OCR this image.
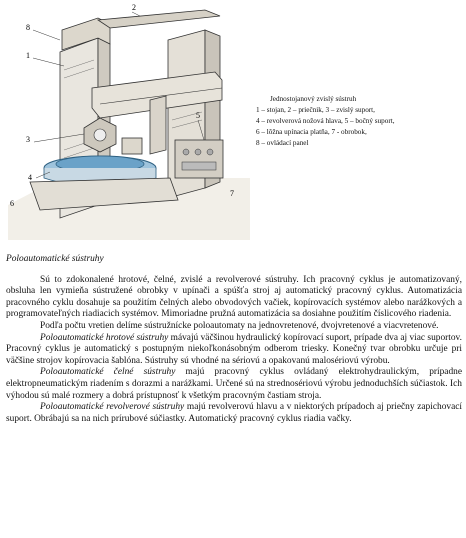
8
1
2
3
4
5
6
7
Jednostojanový zvislý sústruh
1 – stojan, 2 – priečnik, 3 – zvislý suport,
4 – revolverová nožová hlava, 5 – bočný suport,
6 – lôžna upínacia platňa, 7 - obrobok,
8 – ovládací panel
Poloautomatické sústruhy

Sú to zdokonalené hrotové, čelné, zvislé a revolverové sústruhy. Ich pracovný cyklus je automatizovaný, obsluha len vymieňa sústružené obrobky v upínači a spúšťa stroj aj automatický pracovný cyklus. Automatizácia pracovného cyklu dosahuje sa použitím čelných alebo obvodových vačiek, kopírovacích systémov alebo narážkových a programovateľných riadiacich systémov. Mimoriadne pružná automatizácia sa dosiahne použitím číslicového riadenia.

Podľa počtu vretien delíme sústružnícke poloautomaty na jednovretenové, dvojvretenové a viacvretenové.

Poloautomatické hrotové sústruhy mávajú väčšinou hydraulický kopírovací suport, prípade dva aj viac suportov. Pracovný cyklus je automatický s postupným niekoľkonásobným odberom triesky. Konečný tvar obrobku určuje pri väčšine strojov kopírovacia šablóna. Sústruhy sú vhodné na sériovú a opakovanú malosériovú výrobu.

Poloautomatické čelné sústruhy majú pracovný cyklus ovládaný elektrohydraulickým, prípadne elektropneumatickým riadením s dorazmi a narážkami. Určené sú na strednosériovú výrobu jednoduchších súčiastok. Ich výhodou sú malé rozmery a dobrá prístupnosť k všetkým pracovným častiam stroja.

Poloautomatické revolverové sústruhy majú revolverovú hlavu a v niektorých prípadoch aj priečny zapichovací suport. Obrábajú sa na nich prírubové súčiastky. Automatický pracovný cyklus riadia vačky.
